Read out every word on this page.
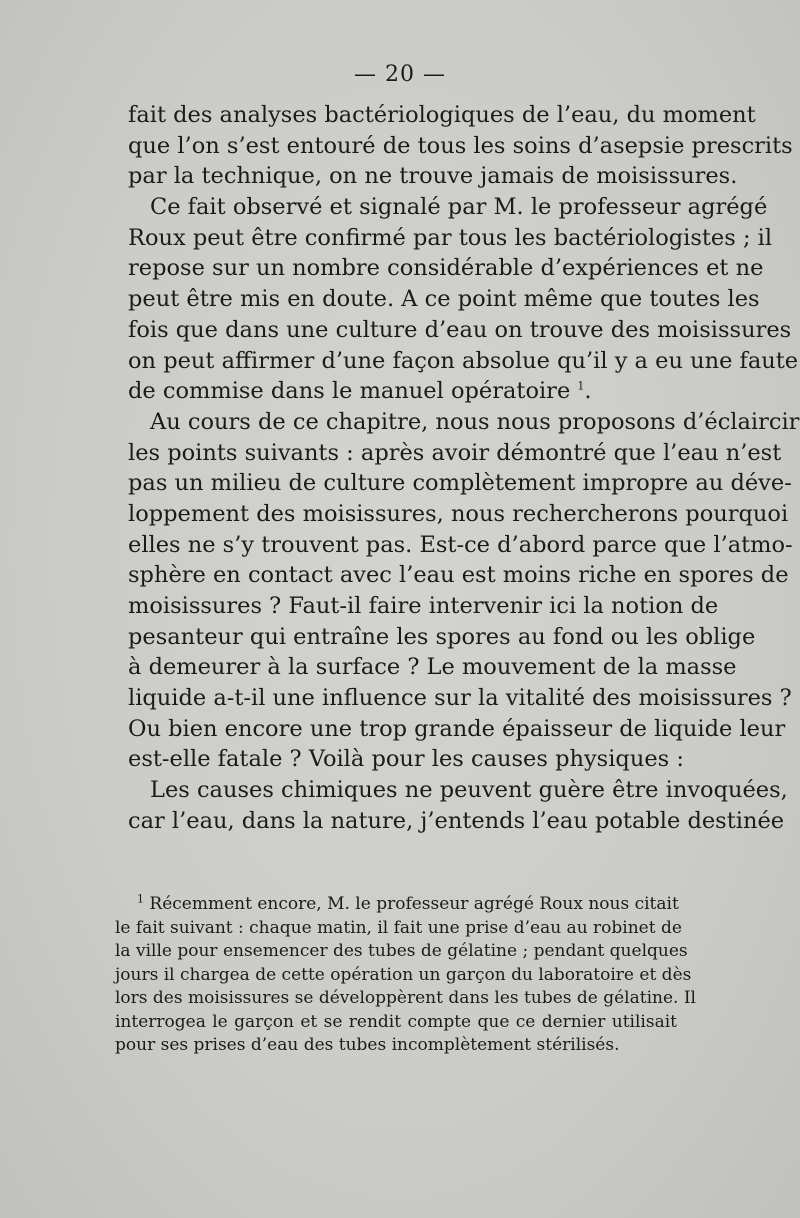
— 20 —
fait des analyses bactériologiques de l’eau, du moment
que l’on s’est entouré de tous les soins d’asepsie prescrits
par la technique, on ne trouve jamais de moisissures.
Ce fait observé et signalé par M. le professeur agrégé
Roux peut être confirmé par tous les bactériologistes ; il
repose sur un nombre considérable d’expériences et ne
peut être mis en doute. A ce point même que toutes les
fois que dans une culture d’eau on trouve des moisissures
on peut affirmer d’une façon absolue qu’il y a eu une faute
de commise dans le manuel opératoire $^1$.
Au cours de ce chapitre, nous nous proposons d’éclaircir
les points suivants : après avoir démontré que l’eau n’est
pas un milieu de culture complètement impropre au déve-
loppement des moisissures, nous rechercherons pourquoi
elles ne s’y trouvent pas. Est-ce d’abord parce que l’atmo-
sphère en contact avec l’eau est moins riche en spores de
moisissures ? Faut-il faire intervenir ici la notion de
pesanteur qui entraîne les spores au fond ou les oblige
à demeurer à la surface ? Le mouvement de la masse
liquide a-t-il une influence sur la vitalité des moisissures ?
Ou bien encore une trop grande épaisseur de liquide leur
est-elle fatale ? Voilà pour les causes physiques :
Les causes chimiques ne peuvent guère être invoquées,
car l’eau, dans la nature, j’entends l’eau potable destinée
$^1$ Récemment encore, M. le professeur agrégé Roux nous citait
le fait suivant : chaque matin, il fait une prise d’eau au robinet de
la ville pour ensemencer des tubes de gélatine ; pendant quelques
jours il chargea de cette opération un garçon du laboratoire et dès
lors des moisissures se développèrent dans les tubes de gélatine. Il
interrogea le garçon et se rendit compte que ce dernier utilisait
pour ses prises d’eau des tubes incomplètement stérilisés.
